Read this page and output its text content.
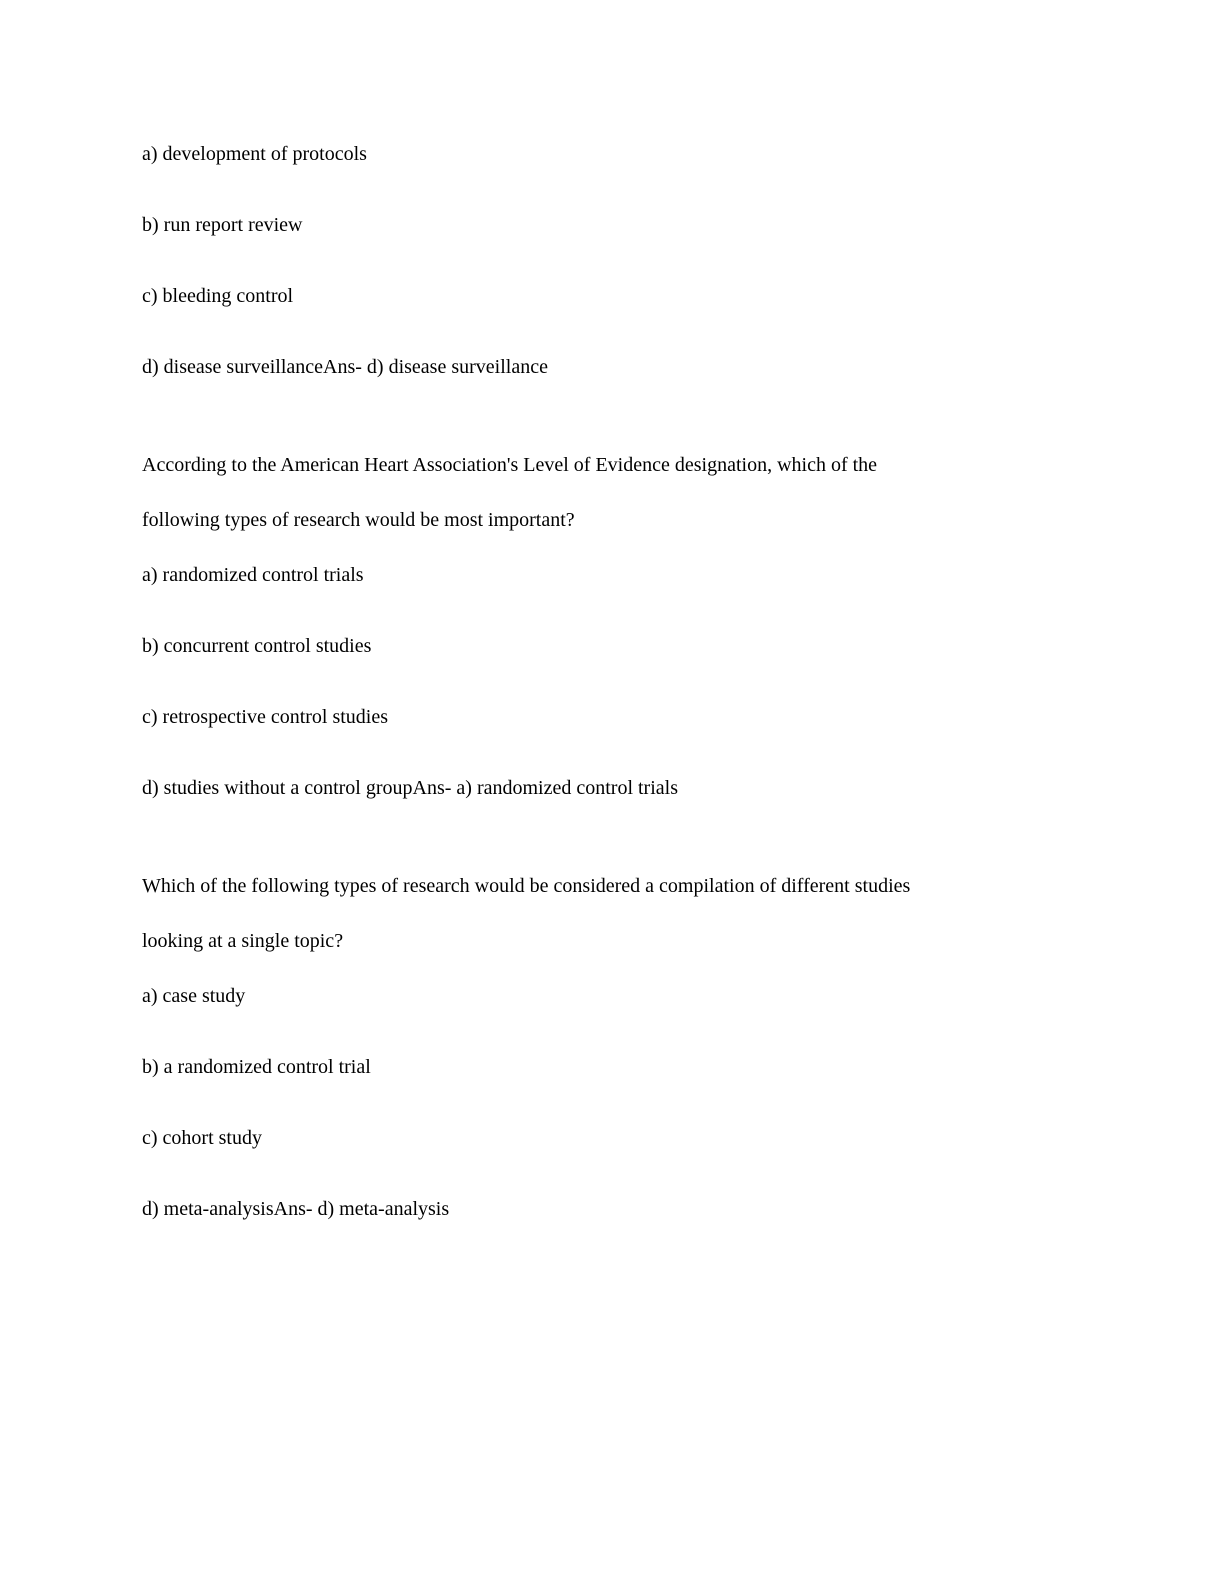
a) development of protocols

b) run report review

c) bleeding control

d) disease surveillanceAns- d) disease surveillance

According to the American Heart Association's Level of Evidence designation, which of the

following types of research would be most important?

a) randomized control trials

b) concurrent control studies

c) retrospective control studies

d) studies without a control groupAns- a) randomized control trials

Which of the following types of research would be considered a compilation of different studies

looking at a single topic?

a) case study

b) a randomized control trial

c) cohort study

d) meta-analysisAns- d) meta-analysis
